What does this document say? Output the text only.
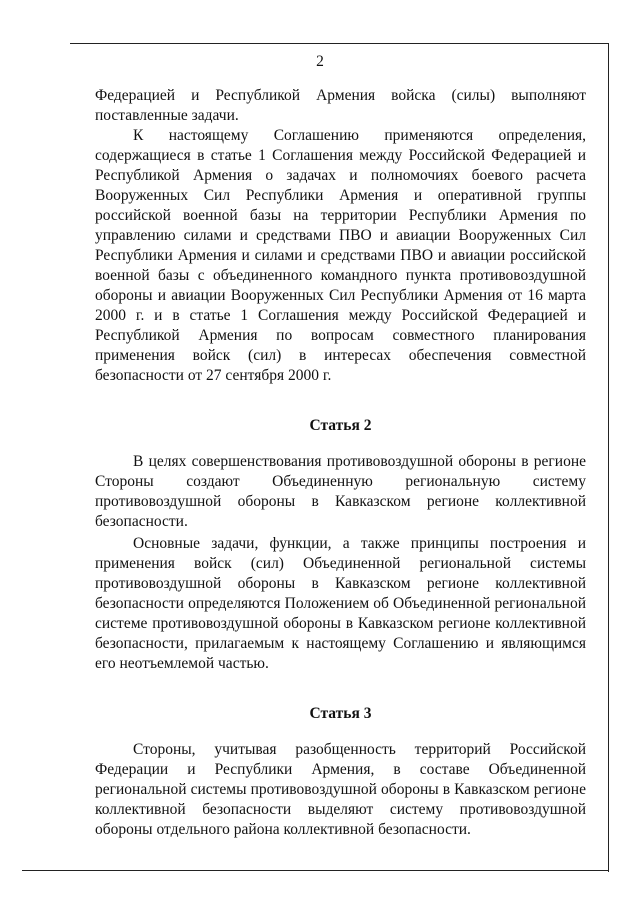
2

Федерацией и Республикой Армения войска (силы) выполняют поставленные задачи.

К настоящему Соглашению применяются определения, содержащиеся в статье 1 Соглашения между Российской Федерацией и Республикой Армения о задачах и полномочиях боевого расчета Вооруженных Сил Республики Армения и оперативной группы российской военной базы на территории Республики Армения по управлению силами и средствами ПВО и авиации Вооруженных Сил Республики Армения и силами и средствами ПВО и авиации российской военной базы с объединенного командного пункта противовоздушной обороны и авиации Вооруженных Сил Республики Армения от 16 марта 2000 г. и в статье 1 Соглашения между Российской Федерацией и Республикой Армения по вопросам совместного планирования применения войск (сил) в интересах обеспечения совместной безопасности от 27 сентября 2000 г.

Статья 2

В целях совершенствования противовоздушной обороны в регионе Стороны создают Объединенную региональную систему противовоздушной обороны в Кавказском регионе коллективной безопасности.

Основные задачи, функции, а также принципы построения и применения войск (сил) Объединенной региональной системы противовоздушной обороны в Кавказском регионе коллективной безопасности определяются Положением об Объединенной региональной системе противовоздушной обороны в Кавказском регионе коллективной безопасности, прилагаемым к настоящему Соглашению и являющимся его неотъемлемой частью.

Статья 3

Стороны, учитывая разобщенность территорий Российской Федерации и Республики Армения, в составе Объединенной региональной системы противовоздушной обороны в Кавказском регионе коллективной безопасности выделяют систему противовоздушной обороны отдельного района коллективной безопасности.
